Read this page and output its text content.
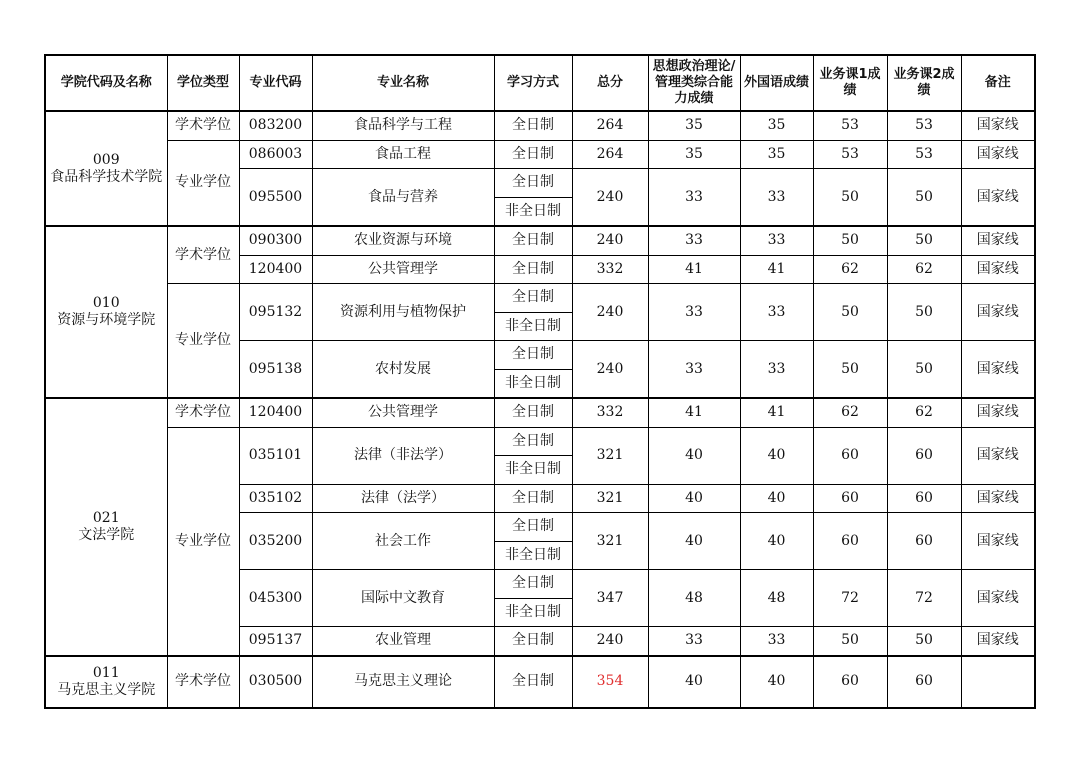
学院代码及名称	学位类型	专业代码	专业名称	学习方式	总分	思想政治理论/管理类综合能力成绩	外国语成绩	业务课1成绩	业务课2成绩	备注
009
食品科学技术学院	学术学位	083200	食品科学与工程	全日制	264	35	35	53	53	国家线
	专业学位	086003	食品工程	全日制	264	35	35	53	53	国家线
		095500	食品与营养	全日制	240	33	33	50	50	国家线
				非全日制						
010
资源与环境学院	学术学位	090300	农业资源与环境	全日制	240	33	33	50	50	国家线
		120400	公共管理学	全日制	332	41	41	62	62	国家线
	专业学位	095132	资源利用与植物保护	全日制	240	33	33	50	50	国家线
				非全日制						
		095138	农村发展	全日制	240	33	33	50	50	国家线
				非全日制						
021
文法学院	学术学位	120400	公共管理学	全日制	332	41	41	62	62	国家线
	专业学位	035101	法律（非法学）	全日制	321	40	40	60	60	国家线
				非全日制						
		035102	法律（法学）	全日制	321	40	40	60	60	国家线
		035200	社会工作	全日制	321	40	40	60	60	国家线
				非全日制						
		045300	国际中文教育	全日制	347	48	48	72	72	国家线
				非全日制						
		095137	农业管理	全日制	240	33	33	50	50	国家线
011
马克思主义学院	学术学位	030500	马克思主义理论	全日制	354	40	40	60	60	
